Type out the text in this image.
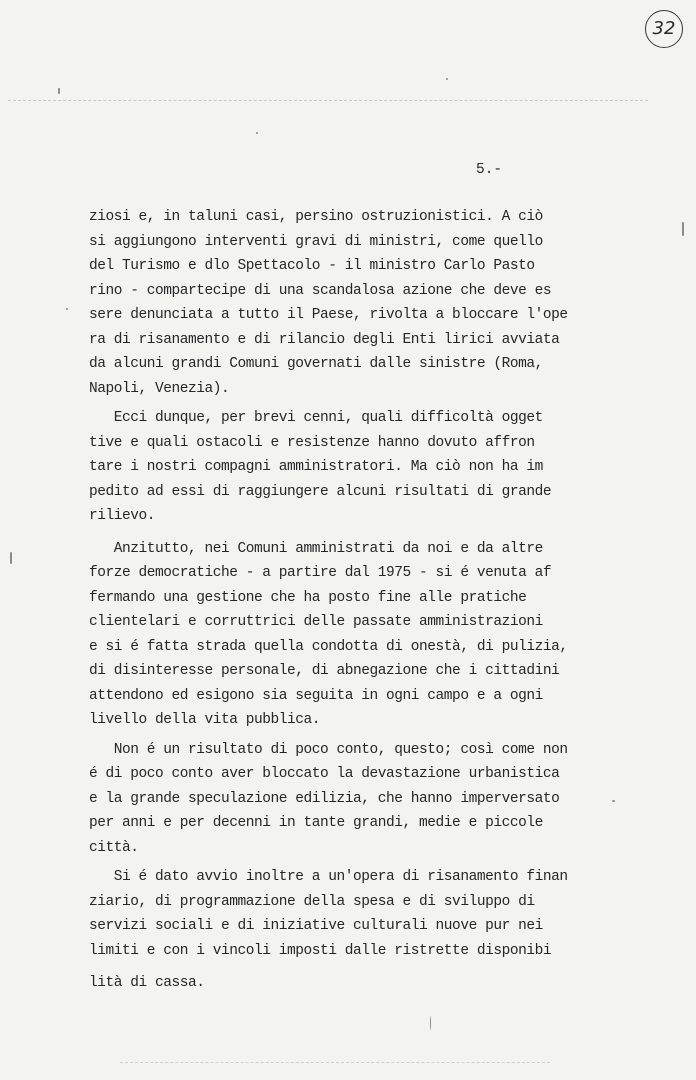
32
5.-
ziosi e, in taluni casi, persino ostruzionistici. A ciò
si aggiungono interventi gravi di ministri, come quello
del Turismo e dlo Spettacolo - il ministro Carlo Pasto
rino - compartecipe di una scandalosa azione che deve es
sere denunciata a tutto il Paese, rivolta a bloccare l'ope
ra di risanamento e di rilancio degli Enti lirici avviata
da alcuni grandi Comuni governati dalle sinistre (Roma,
Napoli, Venezia).
Ecci dunque, per brevi cenni, quali difficoltà ogget
tive e quali ostacoli e resistenze hanno dovuto affron
tare i nostri compagni amministratori. Ma ciò non ha im
pedito ad essi di raggiungere alcuni risultati di grande
rilievo.
Anzitutto, nei Comuni amministrati da noi e da altre
forze democratiche - a partire dal 1975 - si é venuta af
fermando una gestione che ha posto fine alle pratiche
clientelari e corruttrici delle passate amministrazioni
e si é fatta strada quella condotta di onestà, di pulizia,
di disinteresse personale, di abnegazione che i cittadini
attendono ed esigono sia seguita in ogni campo e a ogni
livello della vita pubblica.
Non é un risultato di poco conto, questo; così come non
é di poco conto aver bloccato la devastazione urbanistica
e la grande speculazione edilizia, che hanno imperversato
per anni e per decenni in tante grandi, medie e piccole
città.
Si é dato avvio inoltre a un'opera di risanamento finan
ziario, di programmazione della spesa e di sviluppo di
servizi sociali e di iniziative culturali nuove pur nei
limiti e con i vincoli imposti dalle ristrette disponibi
lità di cassa.
